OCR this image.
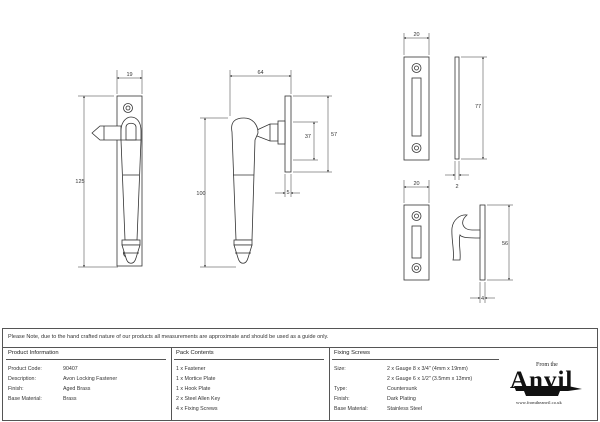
19
125
64
100
57
37
5
20
77
2
20
56
4
Please Note, due to the hand crafted nature of our products all measurements are approximate and should be used as a guide only.
Product Information
Product Code:	90407
Description:	Avon Locking Fastener
Finish:	Aged Brass
Base Material:	Brass
Pack Contents
1 x Fastener
1 x Mortice Plate
1 x Hook Plate
2 x Steel Allen Key
4 x Fixing Screws
Fixing Screws
Size:	2 x Gauge 8 x 3/4" (4mm x 19mm)
2 x Gauge 6 x 1/2" (3.5mm x 13mm)
Type:	Countersunk
Finish:	Dark Plating
Base Material:	Stainless Steel
From the
Anvil
www.fromtheanvil.co.uk
